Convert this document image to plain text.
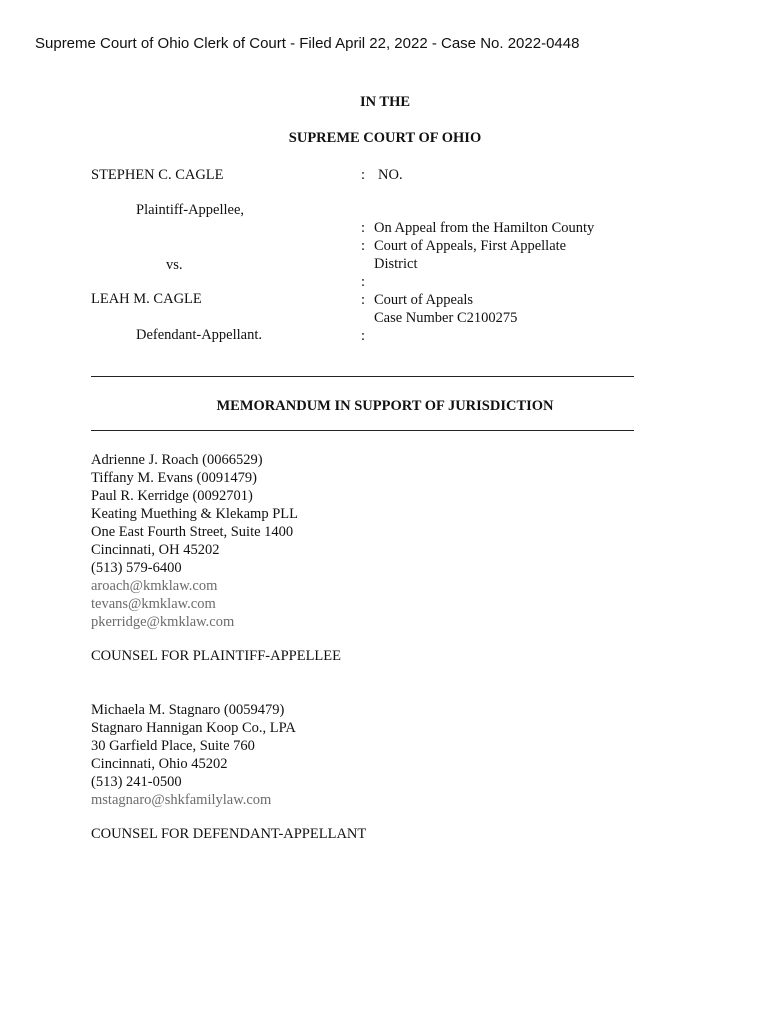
Supreme Court of Ohio Clerk of Court - Filed April 22, 2022 - Case No. 2022-0448
IN THE
SUPREME COURT OF OHIO
STEPHEN C. CAGLE
Plaintiff-Appellee,
vs.
LEAH M. CAGLE
Defendant-Appellant.
: NO.
: On Appeal from the Hamilton County
: Court of Appeals, First Appellate
District
:
: Court of Appeals
Case Number C2100275
:
MEMORANDUM IN SUPPORT OF JURISDICTION
Adrienne J. Roach (0066529)
Tiffany M. Evans (0091479)
Paul R. Kerridge (0092701)
Keating Muething & Klekamp PLL
One East Fourth Street, Suite 1400
Cincinnati, OH 45202
(513) 579-6400
aroach@kmklaw.com
tevans@kmklaw.com
pkerridge@kmklaw.com
COUNSEL FOR PLAINTIFF-APPELLEE
Michaela M. Stagnaro (0059479)
Stagnaro Hannigan Koop Co., LPA
30 Garfield Place, Suite 760
Cincinnati, Ohio 45202
(513) 241-0500
mstagnaro@shkfamilylaw.com
COUNSEL FOR DEFENDANT-APPELLANT
